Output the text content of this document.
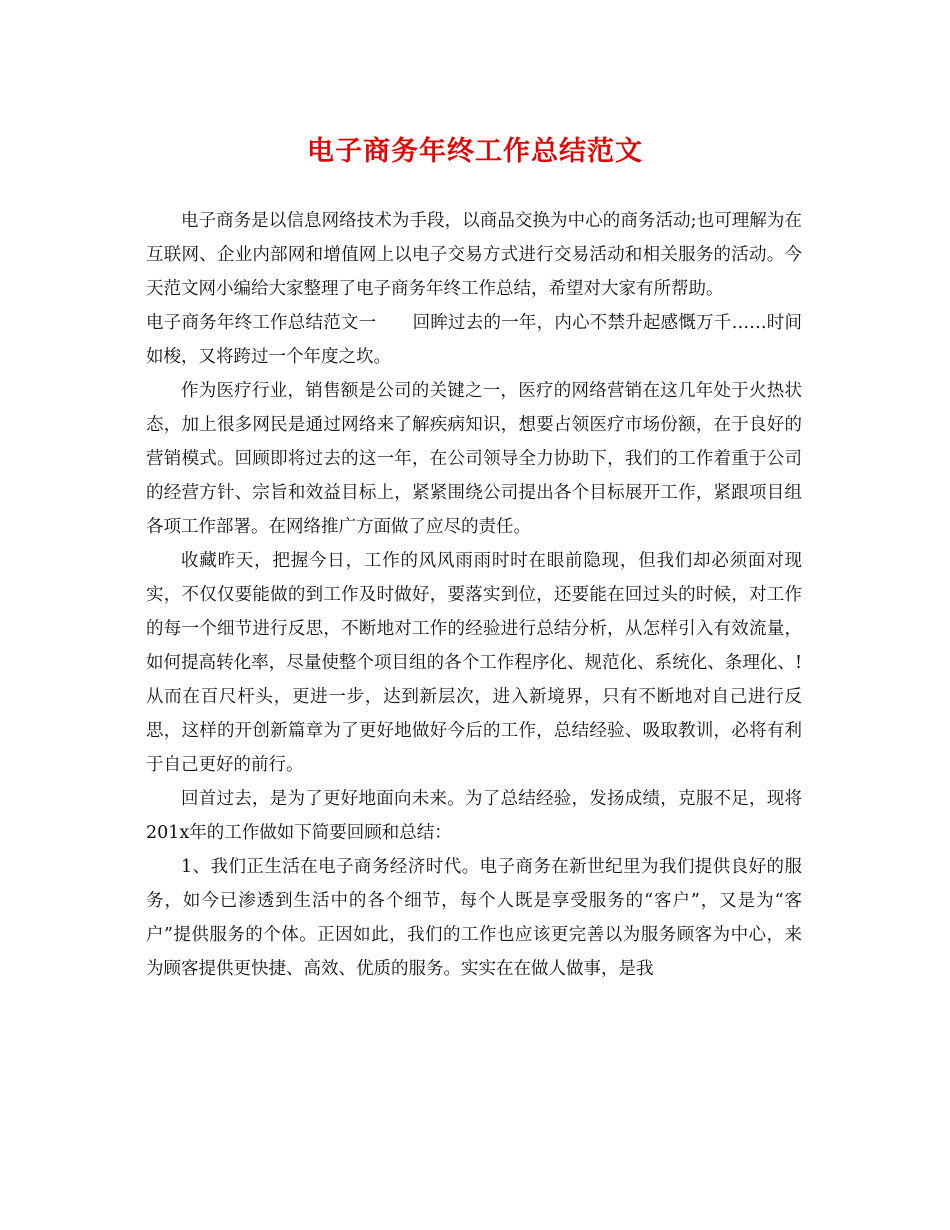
电子商务年终工作总结范文

电子商务是以信息网络技术为手段，以商品交换为中心的商务活动;也可理解为在互联网、企业内部网和增值网上以电子交易方式进行交易活动和相关服务的活动。今天范文网小编给大家整理了电子商务年终工作总结，希望对大家有所帮助。

电子商务年终工作总结范文一 回眸过去的一年，内心不禁升起感慨万千……时间如梭，又将跨过一个年度之坎。

作为医疗行业，销售额是公司的关键之一，医疗的网络营销在这几年处于火热状态，加上很多网民是通过网络来了解疾病知识，想要占领医疗市场份额，在于良好的营销模式。回顾即将过去的这一年，在公司领导全力协助下，我们的工作着重于公司的经营方针、宗旨和效益目标上，紧紧围绕公司提出各个目标展开工作，紧跟项目组各项工作部署。在网络推广方面做了应尽的责任。

收藏昨天，把握今日，工作的风风雨雨时时在眼前隐现，但我们却必须面对现实，不仅仅要能做的到工作及时做好，要落实到位，还要能在回过头的时候，对工作的每一个细节进行反思，不断地对工作的经验进行总结分析，从怎样引入有效流量，如何提高转化率，尽量使整个项目组的各个工作程序化、规范化、系统化、条理化、!从而在百尺杆头，更进一步，达到新层次，进入新境界，只有不断地对自己进行反思，这样的开创新篇章为了更好地做好今后的工作，总结经验、吸取教训，必将有利于自己更好的前行。

回首过去，是为了更好地面向未来。为了总结经验，发扬成绩，克服不足，现将201x年的工作做如下简要回顾和总结：

1、我们正生活在电子商务经济时代。电子商务在新世纪里为我们提供良好的服务，如今已渗透到生活中的各个细节，每个人既是享受服务的“客户”，又是为“客户”提供服务的个体。正因如此，我们的工作也应该更完善以为服务顾客为中心，来为顾客提供更快捷、高效、优质的服务。实实在在做人做事，是我
